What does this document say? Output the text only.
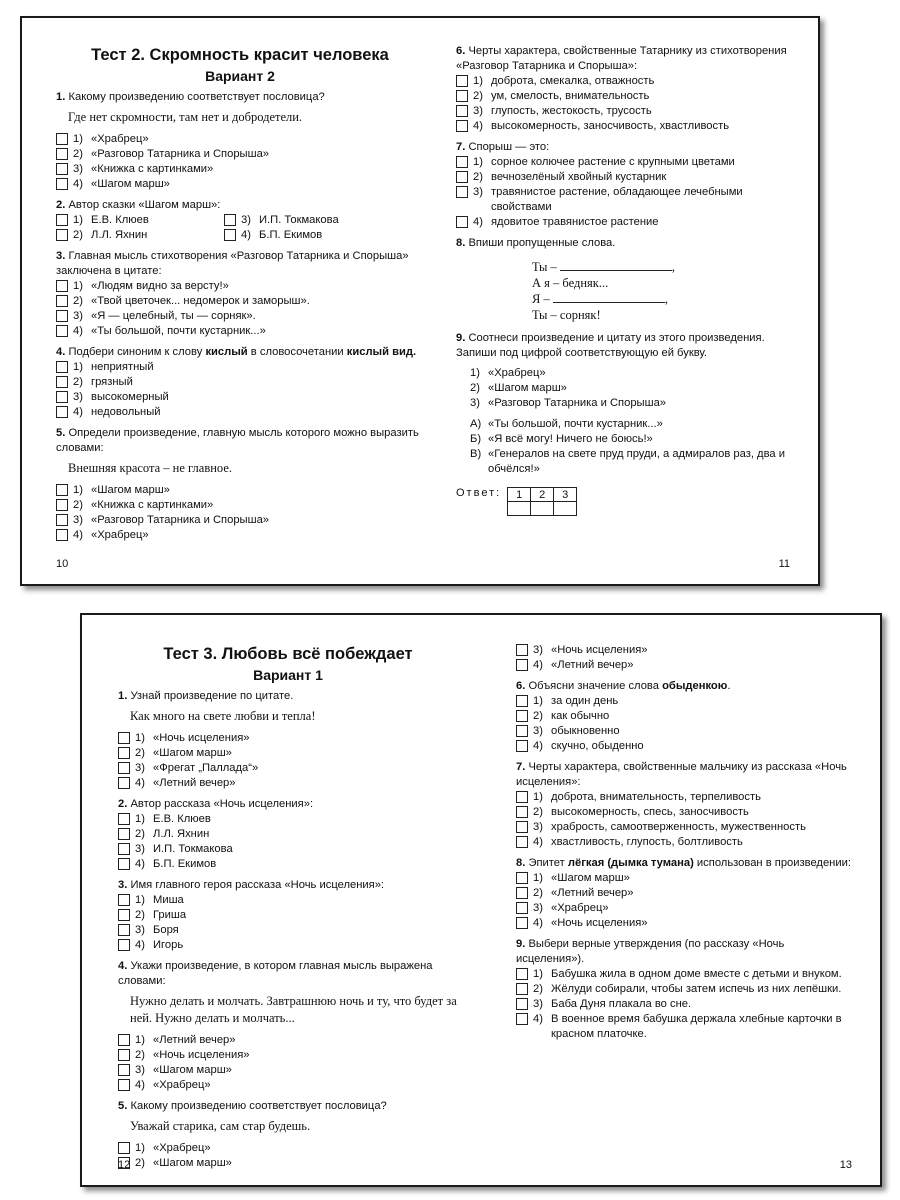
Тест 2. Скромность красит человека
Вариант 2
1. Какому произведению соответствует пословица?
Где нет скромности, там нет и добродетели.
1) «Храбрец»
2) «Разговор Татарника и Спорыша»
3) «Книжка с картинками»
4) «Шагом марш»
2. Автор сказки «Шагом марш»:
1) Е.В. Клюев	3) И.П. Токмакова
2) Л.Л. Яхнин	4) Б.П. Екимов
3. Главная мысль стихотворения «Разговор Татарника и Спорыша» заключена в цитате:
1) «Людям видно за версту!»
2) «Твой цветочек... недомерок и заморыш».
3) «Я — целебный, ты — сорняк».
4) «Ты большой, почти кустарник...»
4. Подбери синоним к слову кислый в словосочетании кислый вид.
1) неприятный
2) грязный
3) высокомерный
4) недовольный
5. Определи произведение, главную мысль которого можно выразить словами:
Внешняя красота – не главное.
1) «Шагом марш»
2) «Книжка с картинками»
3) «Разговор Татарника и Спорыша»
4) «Храбрец»
10
6. Черты характера, свойственные Татарнику из стихотворения «Разговор Татарника и Спорыша»:
1) доброта, смекалка, отважность
2) ум, смелость, внимательность
3) глупость, жестокость, трусость
4) высокомерность, заносчивость, хвастливость
7. Спорыш — это:
1) сорное колючее растение с крупными цветами
2) вечнозелёный хвойный кустарник
3) травянистое растение, обладающее лечебными свойствами
4) ядовитое травянистое растение
8. Впиши пропущенные слова.
Ты –	,
А я – бедняк...
Я –	,
Ты – сорняк!
9. Соотнеси произведение и цитату из этого произведения. Запиши под цифрой соответствующую ей букву.
1) «Храбрец»
2) «Шагом марш»
3) «Разговор Татарника и Спорыша»
А) «Ты большой, почти кустарник...»
Б) «Я всё могу! Ничего не боюсь!»
В) «Генералов на свете пруд пруди, а адмиралов раз, два и обчёлся!»
Ответ: 1	2	3

11
Тест 3. Любовь всё побеждает
Вариант 1
1. Узнай произведение по цитате.
Как много на свете любви и тепла!
1) «Ночь исцеления»
2) «Шагом марш»
3) «Фрегат „Паллада“»
4) «Летний вечер»
2. Автор рассказа «Ночь исцеления»:
1) Е.В. Клюев
2) Л.Л. Яхнин
3) И.П. Токмакова
4) Б.П. Екимов
3. Имя главного героя рассказа «Ночь исцеления»:
1) Миша
2) Гриша
3) Боря
4) Игорь
4. Укажи произведение, в котором главная мысль выражена словами:
Нужно делать и молчать. Завтрашнюю ночь и ту, что будет за ней. Нужно делать и молчать...
1) «Летний вечер»
2) «Ночь исцеления»
3) «Шагом марш»
4) «Храбрец»
5. Какому произведению соответствует пословица?
Уважай старика, сам стар будешь.
1) «Храбрец»
2) «Шагом марш»
12
3) «Ночь исцеления»
4) «Летний вечер»
6. Объясни значение слова обыденкою.
1) за один день
2) как обычно
3) обыкновенно
4) скучно, обыденно
7. Черты характера, свойственные мальчику из рассказа «Ночь исцеления»:
1) доброта, внимательность, терпеливость
2) высокомерность, спесь, заносчивость
3) храбрость, самоотверженность, мужественность
4) хвастливость, глупость, болтливость
8. Эпитет лёгкая (дымка тумана) использован в произведении:
1) «Шагом марш»
2) «Летний вечер»
3) «Храбрец»
4) «Ночь исцеления»
9. Выбери верные утверждения (по рассказу «Ночь исцеления»).
1) Бабушка жила в одном доме вместе с детьми и внуком.
2) Жёлуди собирали, чтобы затем испечь из них лепёшки.
3) Баба Дуня плакала во сне.
4) В военное время бабушка держала хлебные карточки в красном платочке.
13
